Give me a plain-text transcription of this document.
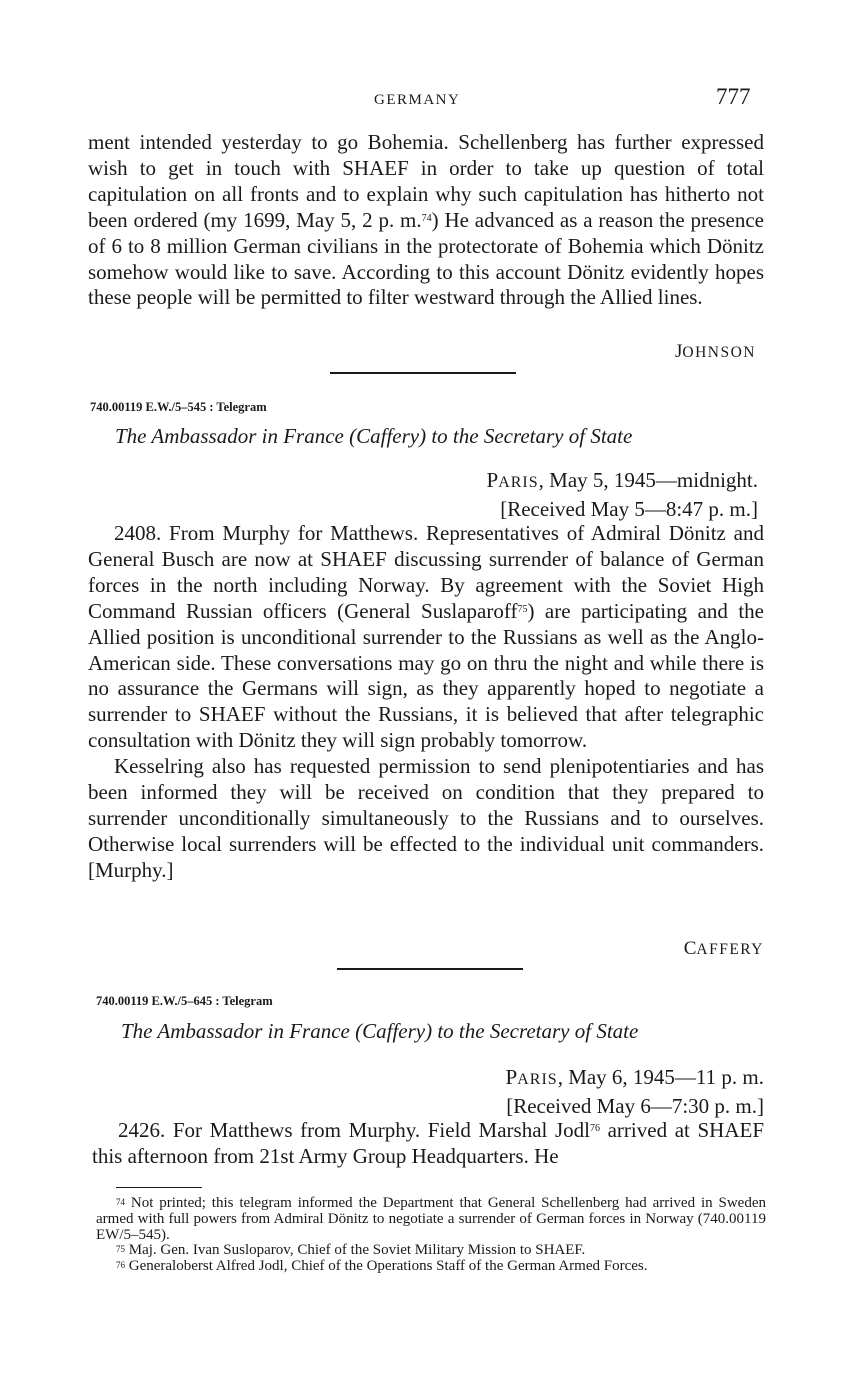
GERMANY	777

ment intended yesterday to go Bohemia. Schellenberg has further expressed wish to get in touch with SHAEF in order to take up question of total capitulation on all fronts and to explain why such capitulation has hitherto not been ordered (my 1699, May 5, 2 p. m.$^{74}$) He advanced as a reason the presence of 6 to 8 million German civilians in the protectorate of Bohemia which Dönitz somehow would like to save. According to this account Dönitz evidently hopes these people will be permitted to filter westward through the Allied lines.

JOHNSON
740.00119 E.W./5–545 : Telegram
The Ambassador in France (Caffery) to the Secretary of State
PARIS, May 5, 1945—midnight.
[Received May 5—8:47 p. m.]

2408. From Murphy for Matthews. Representatives of Admiral Dönitz and General Busch are now at SHAEF discussing surrender of balance of German forces in the north including Norway. By agreement with the Soviet High Command Russian officers (General Suslaparoff$^{75}$) are participating and the Allied position is unconditional surrender to the Russians as well as the Anglo-American side. These conversations may go on thru the night and while there is no assurance the Germans will sign, as they apparently hoped to negotiate a surrender to SHAEF without the Russians, it is believed that after telegraphic consultation with Dönitz they will sign probably tomorrow.

Kesselring also has requested permission to send plenipotentiaries and has been informed they will be received on condition that they prepared to surrender unconditionally simultaneously to the Russians and to ourselves. Otherwise local surrenders will be effected to the individual unit commanders. [Murphy.]

CAFFERY
740.00119 E.W./5–645 : Telegram
The Ambassador in France (Caffery) to the Secretary of State
PARIS, May 6, 1945—11 p. m.
[Received May 6—7:30 p. m.]

2426. For Matthews from Murphy. Field Marshal Jodl$^{76}$ arrived at SHAEF this afternoon from 21st Army Group Headquarters. He

$^{74}$ Not printed; this telegram informed the Department that General Schellenberg had arrived in Sweden armed with full powers from Admiral Dönitz to negotiate a surrender of German forces in Norway (740.00119 EW/5–545).

$^{75}$ Maj. Gen. Ivan Susloparov, Chief of the Soviet Military Mission to SHAEF.

$^{76}$ Generaloberst Alfred Jodl, Chief of the Operations Staff of the German Armed Forces.
